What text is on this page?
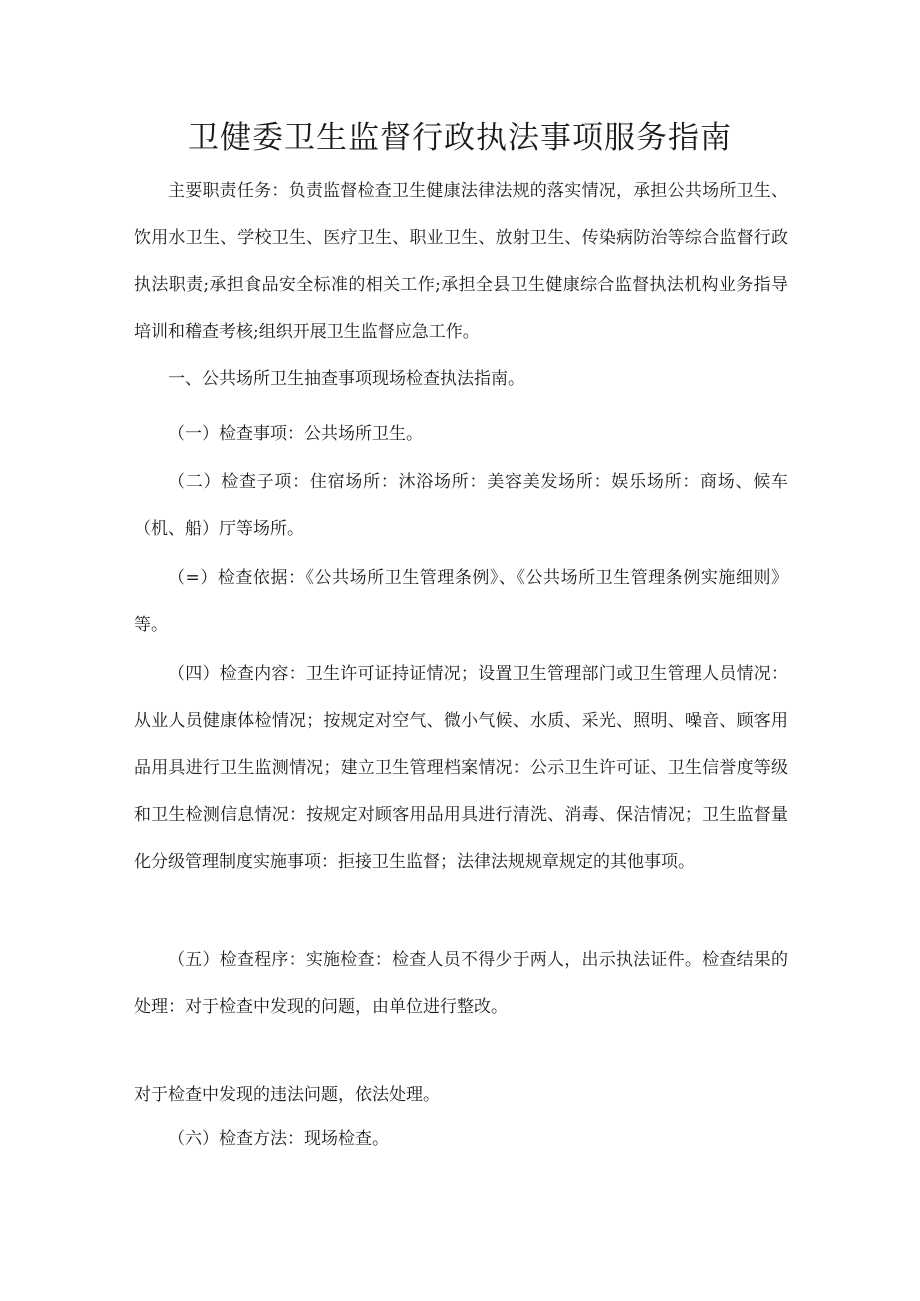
卫健委卫生监督行政执法事项服务指南

主要职责任务：负责监督检查卫生健康法律法规的落实情况，承担公共场所卫生、饮用水卫生、学校卫生、医疗卫生、职业卫生、放射卫生、传染病防治等综合监督行政执法职责;承担食品安全标准的相关工作;承担全县卫生健康综合监督执法机构业务指导培训和稽查考核;组织开展卫生监督应急工作。

一、公共场所卫生抽查事项现场检查执法指南。

（一）检查事项：公共场所卫生。

（二）检查子项：住宿场所：沐浴场所：美容美发场所：娱乐场所：商场、候车（机、船）厅等场所。

（=）检查依据：《公共场所卫生管理条例》、《公共场所卫生管理条例实施细则》等。

（四）检查内容：卫生许可证持证情况；设置卫生管理部门或卫生管理人员情况：从业人员健康体检情况；按规定对空气、微小气候、水质、采光、照明、噪音、顾客用品用具进行卫生监测情况；建立卫生管理档案情况：公示卫生许可证、卫生信誉度等级和卫生检测信息情况：按规定对顾客用品用具进行清洗、消毒、保洁情况；卫生监督量化分级管理制度实施事项：拒接卫生监督；法律法规规章规定的其他事项。

（五）检查程序：实施检查：检查人员不得少于两人，出示执法证件。检查结果的处理：对于检查中发现的问题，由单位进行整改。

对于检查中发现的违法问题，依法处理。

（六）检查方法：现场检查。
